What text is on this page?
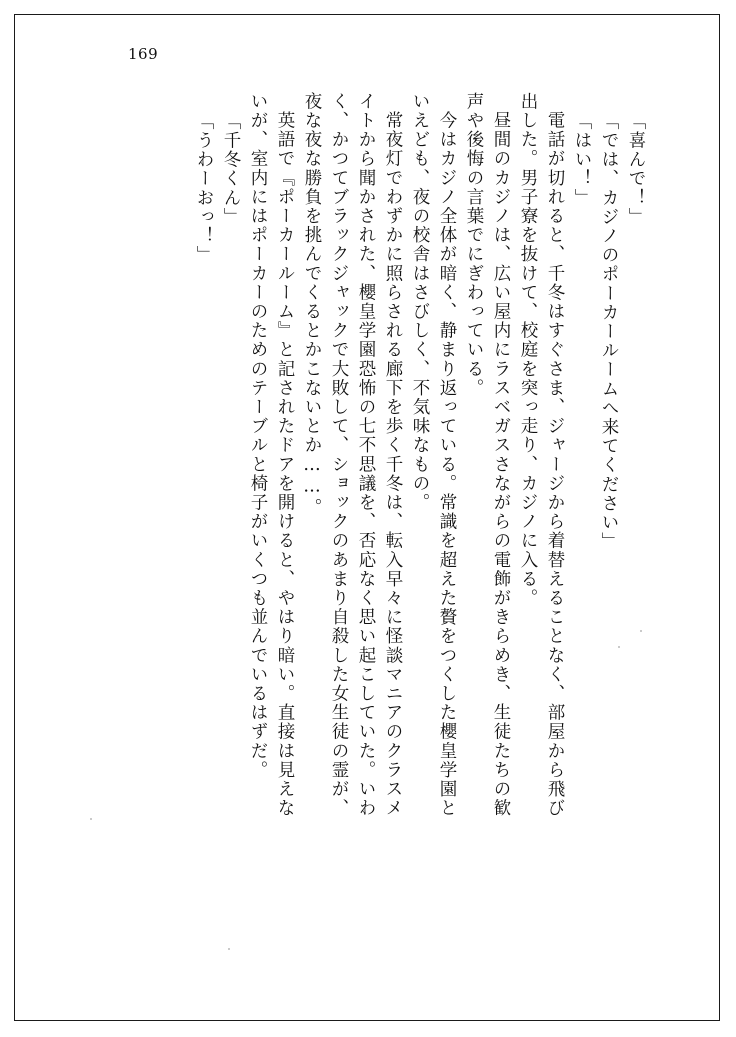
169
「喜んで！」
「では、カジノのポーカールームへ来てください」
「はい！」
　電話が切れると、千冬はすぐさま、ジャージから着替えることなく、部屋から飛び
出した。男子寮を抜けて、校庭を突っ走り、カジノに入る。
　昼間のカジノは、広い屋内にラスベガスさながらの電飾がきらめき、生徒たちの歓
声や後悔の言葉でにぎわっている。
　今はカジノ全体が暗く、静まり返っている。常識を超えた贅をつくした櫻皇学園と
いえども、夜の校舎はさびしく、不気味なもの。
　常夜灯でわずかに照らされる廊下を歩く千冬は、転入早々に怪談マニアのクラスメ
イトから聞かされた、櫻皇学園恐怖の七不思議を、否応なく思い起こしていた。いわ
く、かつてブラックジャックで大敗して、ショックのあまり自殺した女生徒の霊が、
夜な夜な勝負を挑んでくるとかこないとか……。
　英語で『ポーカールーム』と記されたドアを開けると、やはり暗い。直接は見えな
いが、室内にはポーカーのためのテーブルと椅子がいくつも並んでいるはずだ。
「千冬くん」
「うわーおっ！」
